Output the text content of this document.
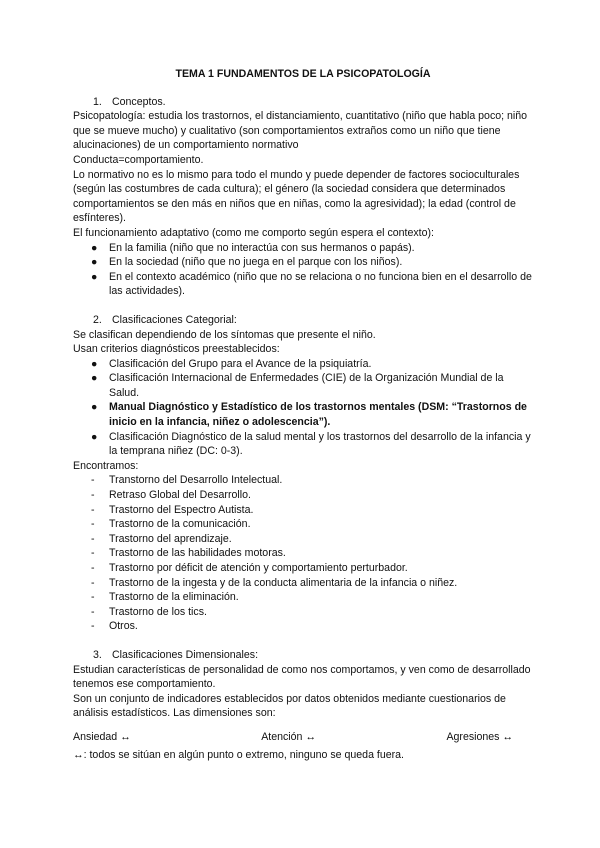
TEMA 1 FUNDAMENTOS DE LA PSICOPATOLOGÍA

1. Conceptos.

Psicopatología: estudia los trastornos, el distanciamiento, cuantitativo (niño que habla poco; niño que se mueve mucho) y cualitativo (son comportamientos extraños como un niño que tiene alucinaciones) de un comportamiento normativo

Conducta=comportamiento.

Lo normativo no es lo mismo para todo el mundo y puede depender de factores socioculturales (según las costumbres de cada cultura); el género (la sociedad considera que determinados comportamientos se den más en niños que en niñas, como la agresividad); la edad (control de esfínteres).

El funcionamiento adaptativo (como me comporto según espera el contexto):

● En la familia (niño que no interactúa con sus hermanos o papás).
● En la sociedad (niño que no juega en el parque con los niños).
● En el contexto académico (niño que no se relaciona o no funciona bien en el desarrollo de las actividades).
2. Clasificaciones Categorial:

Se clasifican dependiendo de los síntomas que presente el niño.

Usan criterios diagnósticos preestablecidos:

● Clasificación del Grupo para el Avance de la psiquiatría.
● Clasificación Internacional de Enfermedades (CIE) de la Organización Mundial de la Salud.
● Manual Diagnóstico y Estadístico de los trastornos mentales (DSM: “Trastornos de inicio en la infancia, niñez o adolescencia”).
● Clasificación Diagnóstico de la salud mental y los trastornos del desarrollo de la infancia y la temprana niñez (DC: 0-3).

Encontramos:

- Transtorno del Desarrollo Intelectual.
- Retraso Global del Desarrollo.
- Trastorno del Espectro Autista.
- Trastorno de la comunicación.
- Trastorno del aprendizaje.
- Trastorno de las habilidades motoras.
- Trastorno por déficit de atención y comportamiento perturbador.
- Trastorno de la ingesta y de la conducta alimentaria de la infancia o niñez.
- Trastorno de la eliminación.
- Trastorno de los tics.
- Otros.
3. Clasificaciones Dimensionales:

Estudian características de personalidad de como nos comportamos, y ven como de desarrollado tenemos ese comportamiento.

Son un conjunto de indicadores establecidos por datos obtenidos mediante cuestionarios de análisis estadísticos. Las dimensiones son:

Ansiedad ↔	Atención ↔	Agresiones ↔

↔: todos se sitúan en algún punto o extremo, ninguno se queda fuera.
